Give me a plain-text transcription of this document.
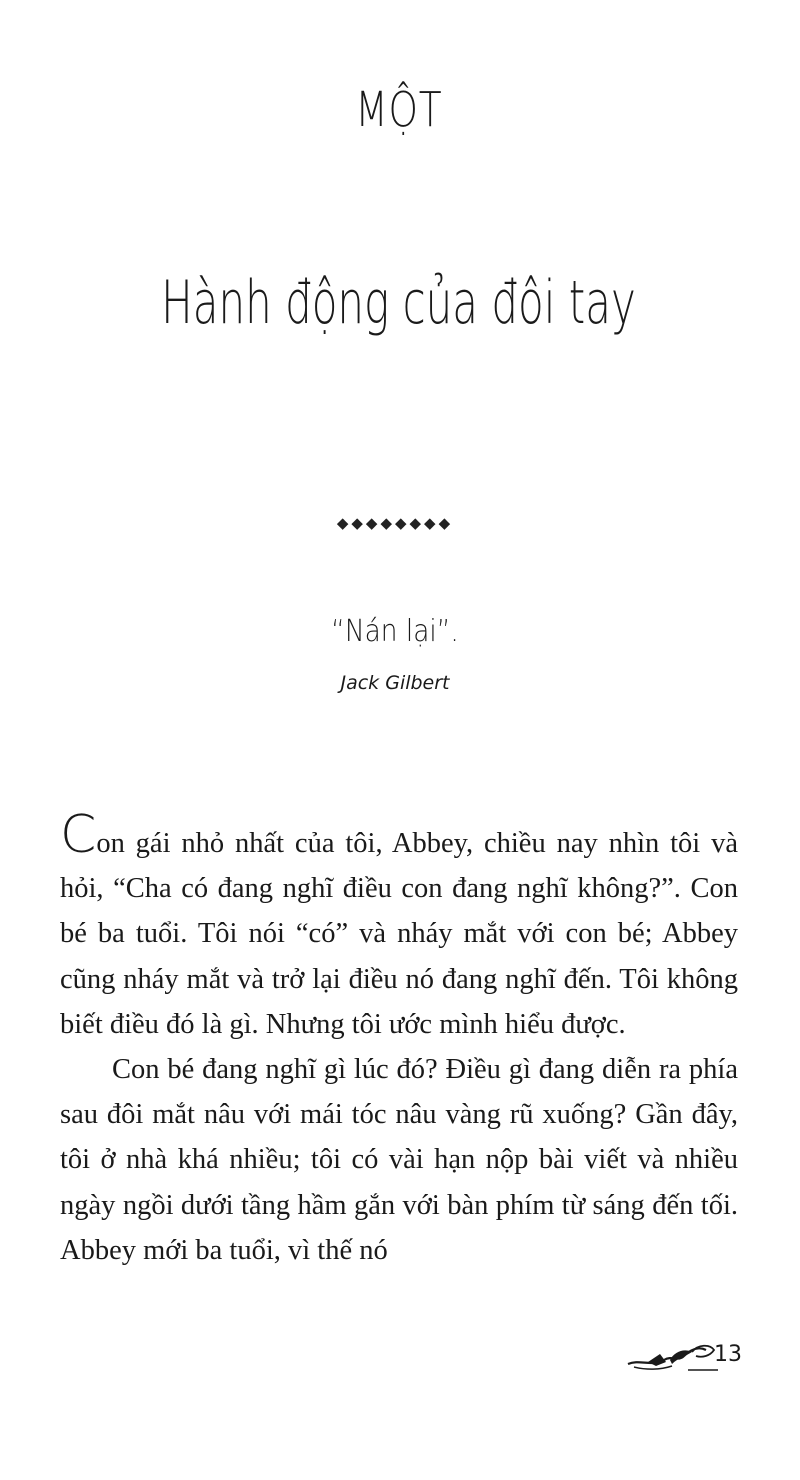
MỘT
Hành động của đôi tay
◆◆◆◆◆◆◆◆
“Nán lại”.
Jack Gilbert

Con gái nhỏ nhất của tôi, Abbey, chiều nay nhìn tôi và hỏi, “Cha có đang nghĩ điều con đang nghĩ không?”. Con bé ba tuổi. Tôi nói “có” và nháy mắt với con bé; Abbey cũng nháy mắt và trở lại điều nó đang nghĩ đến. Tôi không biết điều đó là gì. Nhưng tôi ước mình hiểu được.

Con bé đang nghĩ gì lúc đó? Điều gì đang diễn ra phía sau đôi mắt nâu với mái tóc nâu vàng rũ xuống? Gần đây, tôi ở nhà khá nhiều; tôi có vài hạn nộp bài viết và nhiều ngày ngồi dưới tầng hầm gắn với bàn phím từ sáng đến tối. Abbey mới ba tuổi, vì thế nó

13
